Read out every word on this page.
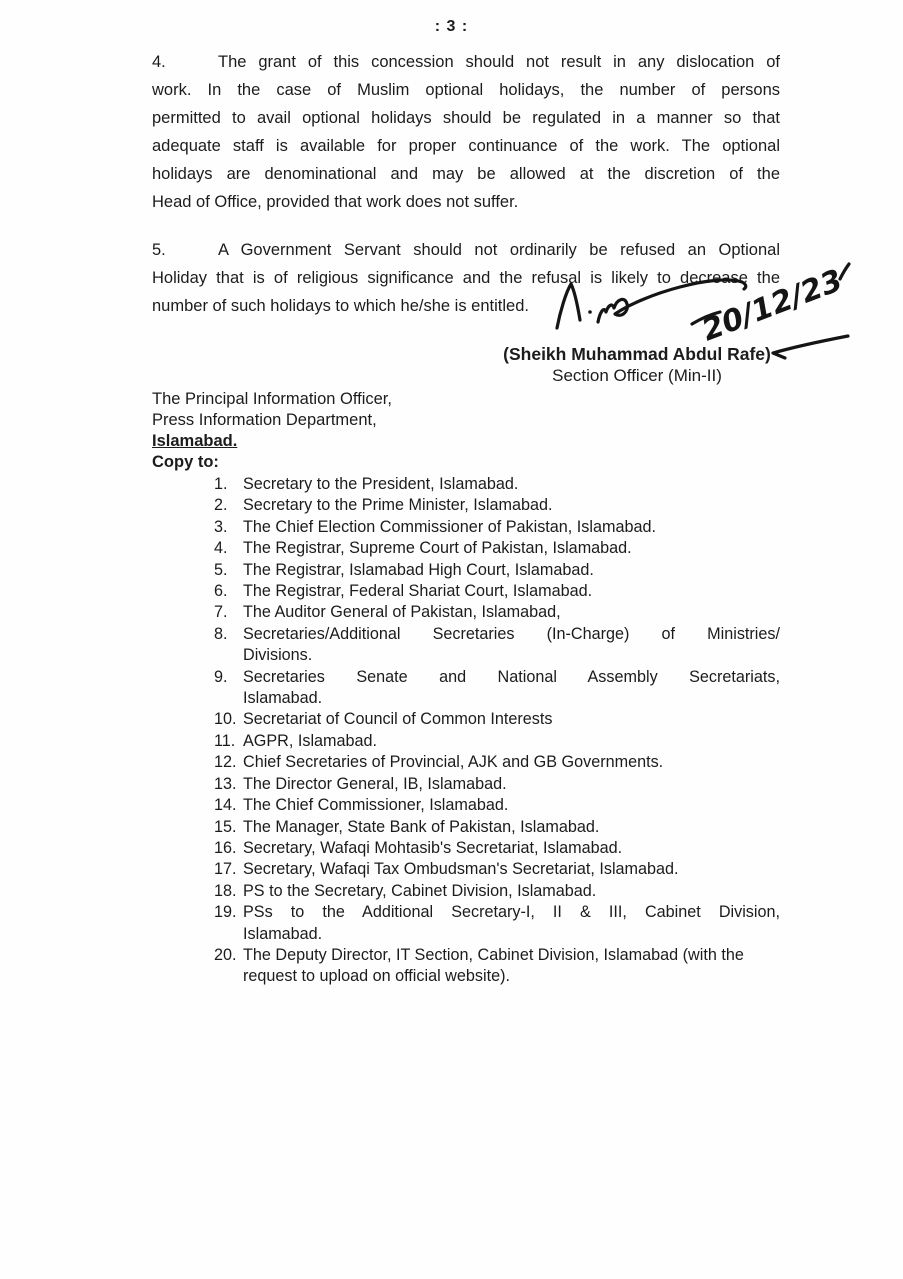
: 3 :

4.	The grant of this concession should not result in any dislocation of
work. In the case of Muslim optional holidays, the number of persons
permitted to avail optional holidays should be regulated in a manner so that
adequate staff is available for proper continuance of the work. The optional
holidays are denominational and may be allowed at the discretion of the
Head of Office, provided that work does not suffer.

5.	A Government Servant should not ordinarily be refused an Optional
Holiday that is of religious significance and the refusal is likely to decrease the
number of such holidays to which he/she is entitled.

(Sheikh Muhammad Abdul Rafe)
Section Officer (Min-II)
The Principal Information Officer,
Press Information Department,
Islamabad.
Copy to:
1. Secretary to the President, Islamabad.
2. Secretary to the Prime Minister, Islamabad.
3. The Chief Election Commissioner of Pakistan, Islamabad.
4. The Registrar, Supreme Court of Pakistan, Islamabad.
5. The Registrar, Islamabad High Court, Islamabad.
6. The Registrar, Federal Shariat Court, Islamabad.
7. The Auditor General of Pakistan, Islamabad,
8. Secretaries/Additional Secretaries (In-Charge) of Ministries/
Divisions.
9. Secretaries Senate and National Assembly Secretariats,
Islamabad.
10. Secretariat of Council of Common Interests
11. AGPR, Islamabad.
12. Chief Secretaries of Provincial, AJK and GB Governments.
13. The Director General, IB, Islamabad.
14. The Chief Commissioner, Islamabad.
15. The Manager, State Bank of Pakistan, Islamabad.
16. Secretary, Wafaqi Mohtasib's Secretariat, Islamabad.
17. Secretary, Wafaqi Tax Ombudsman's Secretariat, Islamabad.
18. PS to the Secretary, Cabinet Division, Islamabad.
19. PSs to the Additional Secretary-I, II & III, Cabinet Division,
Islamabad.
20. The Deputy Director, IT Section, Cabinet Division, Islamabad (with the
request to upload on official website).
20/12/23
